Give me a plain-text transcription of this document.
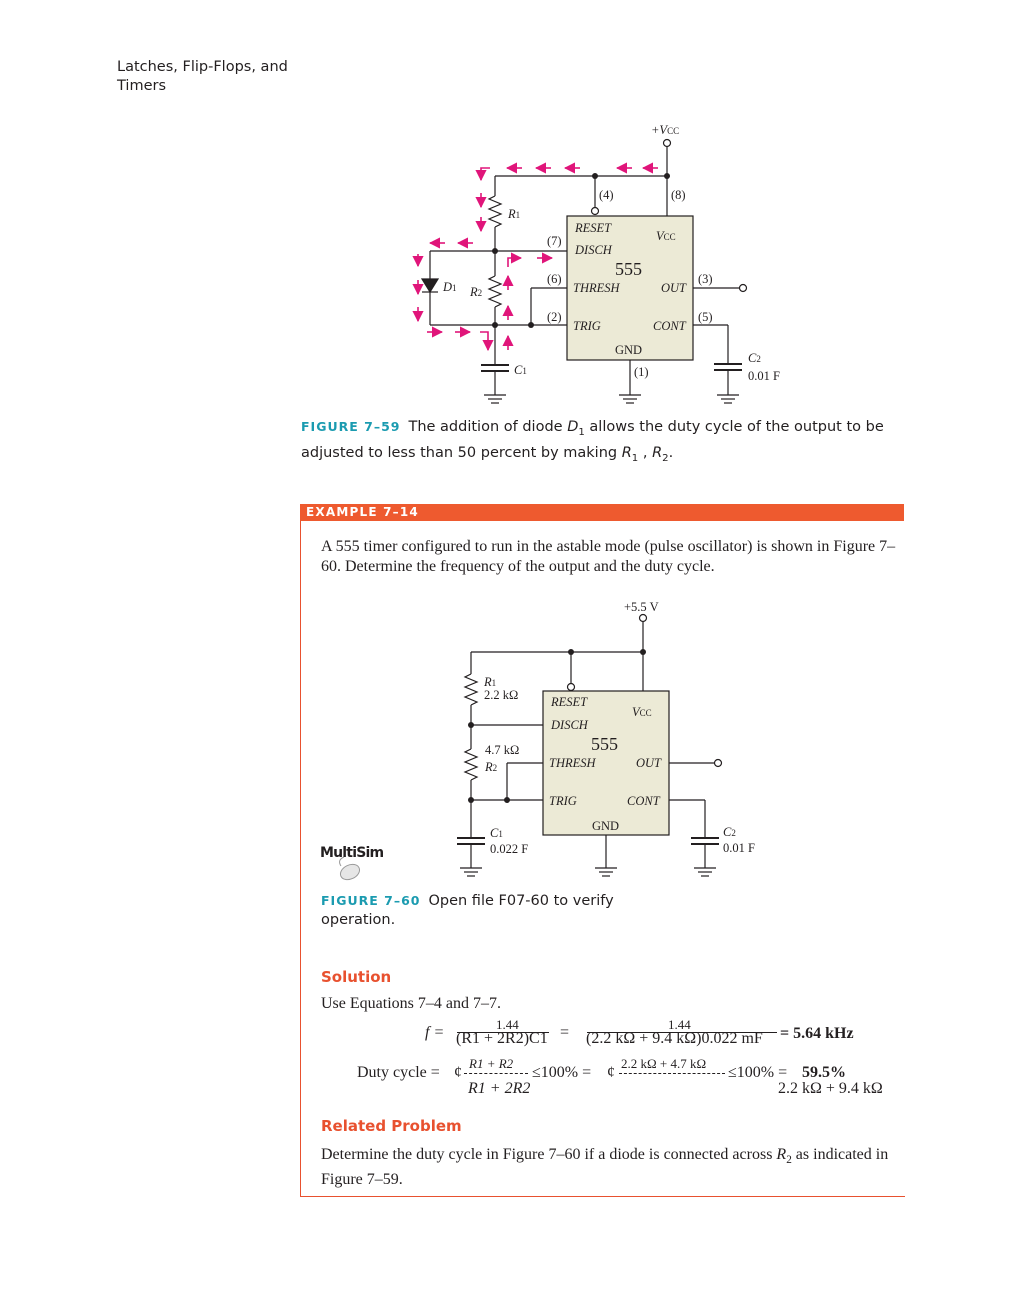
Latches, Flip-Flops, and Timers
555
RESET
DISCH
THRESH
TRIG
VCC
OUT
CONT
GND
(4)	(8)
(7)
(6)
(2)
(3)
(5)
(1)
+VCC
R1
R2
D1
C1
C2
0.01 F
FIGURE 7–59 The addition of diode $D_1$ allows the duty cycle of the output to be adjusted to less than 50 percent by making $R_1$ , $R_2$.
EXAMPLE 7–14
A 555 timer configured to run in the astable mode (pulse oscillator) is shown in Figure 7–60. Determine the frequency of the output and the duty cycle.
555
RESET
DISCH
THRESH
TRIG
VCC
OUT
CONT
GND
+5.5 V
R1
2.2 kΩ
4.7 kΩ
R2
C1
0.022 F
C2
0.01 F
MultiSim
FIGURE 7–60 Open file F07-60 to verify operation.
Solution
Use Equations 7–4 and 7–7.
f =	1.44
(R1 + 2R2)C1 =	1.44
(2.2 kΩ + 9.4 kΩ)0.022 mF = 5.64 kHz
Duty cycle = ¢
R1 + R2
R1 + 2R2
≤100% = ¢
2.2 kΩ + 4.7 kΩ
≤100% = 59.5%
2.2 kΩ + 9.4 kΩ
Related Problem
Determine the duty cycle in Figure 7–60 if a diode is connected across $R_2$ as indicated in Figure 7–59.
